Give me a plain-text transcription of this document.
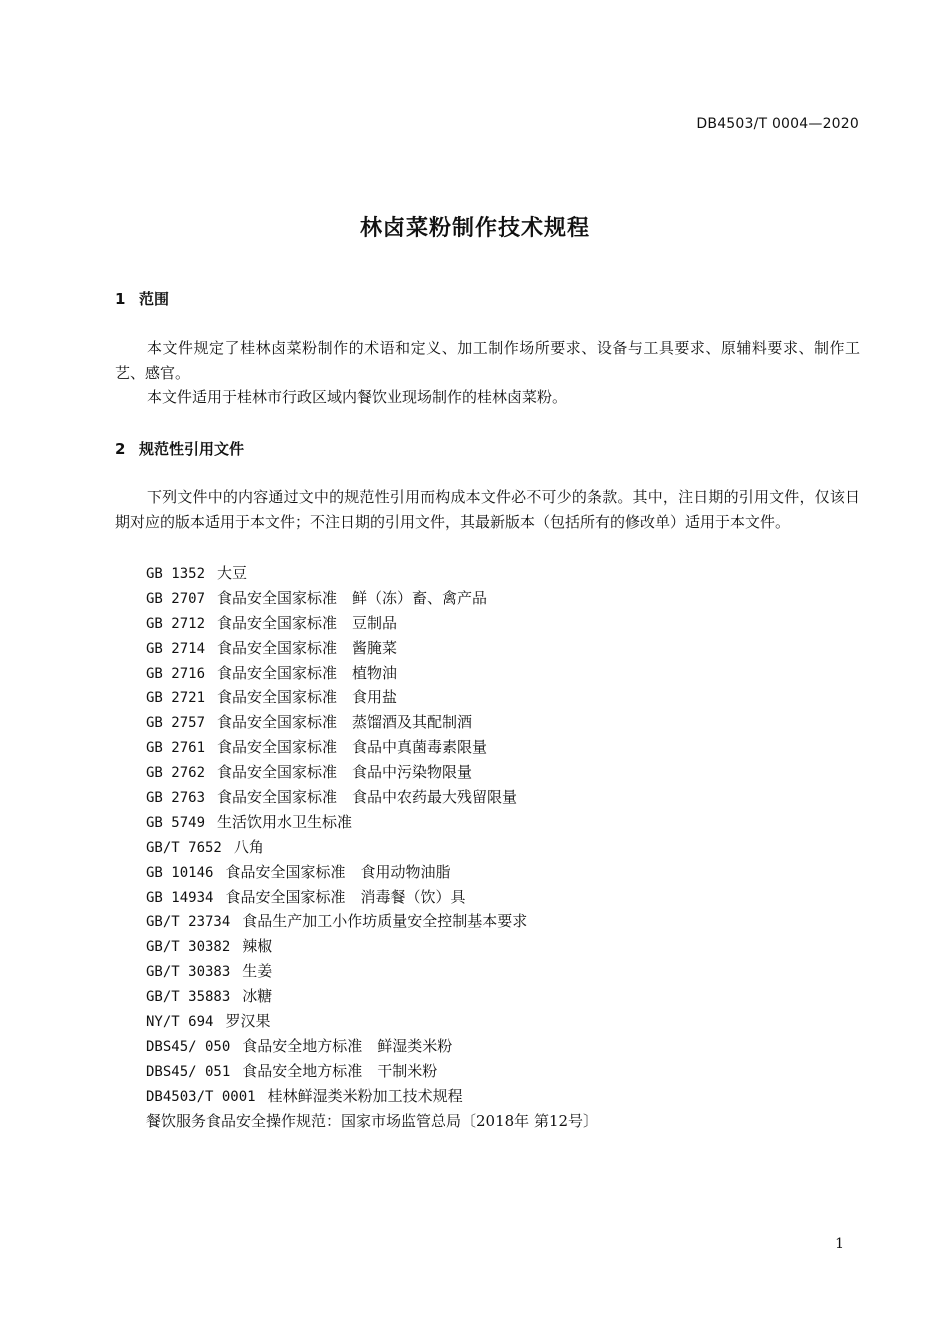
DB4503/T 0004—2020
林卤菜粉制作技术规程
1 范围
本文件规定了桂林卤菜粉制作的术语和定义、加工制作场所要求、设备与工具要求、原辅料要求、制作工艺、感官。
本文件适用于桂林市行政区域内餐饮业现场制作的桂林卤菜粉。
2 规范性引用文件
下列文件中的内容通过文中的规范性引用而构成本文件必不可少的条款。其中，注日期的引用文件，仅该日期对应的版本适用于本文件；不注日期的引用文件，其最新版本（包括所有的修改单）适用于本文件。
GB 1352 大豆
GB 2707 食品安全国家标准　鲜（冻）畜、禽产品
GB 2712 食品安全国家标准　豆制品
GB 2714 食品安全国家标准　酱腌菜
GB 2716 食品安全国家标准　植物油
GB 2721 食品安全国家标准　食用盐
GB 2757 食品安全国家标准　蒸馏酒及其配制酒
GB 2761 食品安全国家标准　食品中真菌毒素限量
GB 2762 食品安全国家标准　食品中污染物限量
GB 2763 食品安全国家标准　食品中农药最大残留限量
GB 5749 生活饮用水卫生标准
GB/T 7652 八角
GB 10146 食品安全国家标准　食用动物油脂
GB 14934 食品安全国家标准　消毒餐（饮）具
GB/T 23734 食品生产加工小作坊质量安全控制基本要求
GB/T 30382 辣椒
GB/T 30383 生姜
GB/T 35883 冰糖
NY/T 694 罗汉果
DBS45/ 050 食品安全地方标准　鲜湿类米粉
DBS45/ 051 食品安全地方标准　干制米粉
DB4503/T 0001 桂林鲜湿类米粉加工技术规程
餐饮服务食品安全操作规范：国家市场监管总局〔2018年 第12号〕
1
